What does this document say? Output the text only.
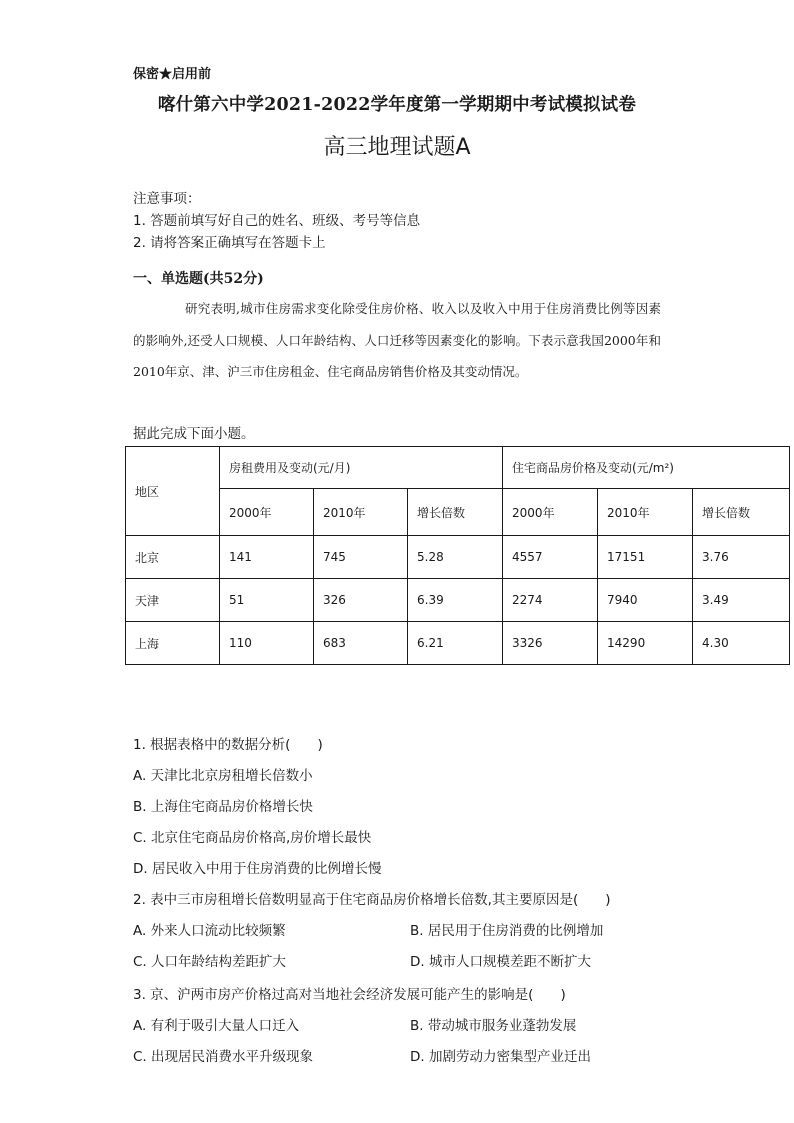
保密★启用前
喀什第六中学2021-2022学年度第一学期期中考试模拟试卷
高三地理试题A
注意事项：
1. 答题前填写好自己的姓名、班级、考号等信息
2. 请将答案正确填写在答题卡上
一、单选题(共52分)
研究表明,城市住房需求变化除受住房价格、收入以及收入中用于住房消费比例等因素的影响外,还受人口规模、人口年龄结构、人口迁移等因素变化的影响。下表示意我国2000年和2010年京、津、沪三市住房租金、住宅商品房销售价格及其变动情况。
据此完成下面小题。
地区	房租费用及变动(元/月)			住宅商品房价格及变动(元/m²)		
	2000年	2010年	增长倍数	2000年	2010年	增长倍数
北京	141	745	5.28	4557	17151	3.76
天津	51	326	6.39	2274	7940	3.49
上海	110	683	6.21	3326	14290	4.30
1. 根据表格中的数据分析(　　)
A. 天津比北京房租增长倍数小
B. 上海住宅商品房价格增长快
C. 北京住宅商品房价格高,房价增长最快
D. 居民收入中用于住房消费的比例增长慢
2. 表中三市房租增长倍数明显高于住宅商品房价格增长倍数,其主要原因是(　　)
A. 外来人口流动比较频繁	B. 居民用于住房消费的比例增加
C. 人口年龄结构差距扩大	D. 城市人口规模差距不断扩大
3. 京、沪两市房产价格过高对当地社会经济发展可能产生的影响是(　　)
A. 有利于吸引大量人口迁入	B. 带动城市服务业蓬勃发展
C. 出现居民消费水平升级现象	D. 加剧劳动力密集型产业迁出
